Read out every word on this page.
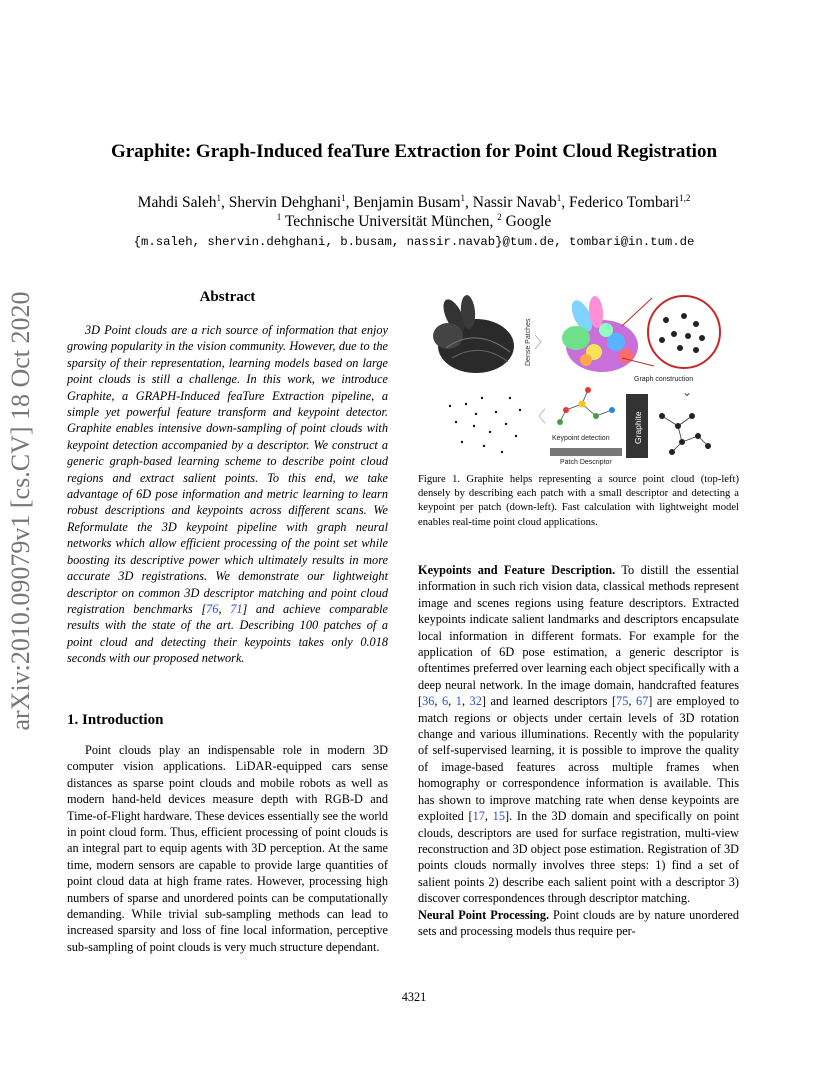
arXiv:2010.09079v1 [cs.CV] 18 Oct 2020
Graphite: Graph-Induced feaTure Extraction for Point Cloud Registration
Mahdi Saleh$^1$, Shervin Dehghani$^1$, Benjamin Busam$^1$, Nassir Navab$^1$, Federico Tombari$^{1,2}$
$^1$ Technische Universität München, $^2$ Google
{m.saleh, shervin.dehghani, b.busam, nassir.navab}@tum.de, tombari@in.tum.de
Abstract

3D Point clouds are a rich source of information that enjoy growing popularity in the vision community. However, due to the sparsity of their representation, learning models based on large point clouds is still a challenge. In this work, we introduce Graphite, a GRAPH-Induced feaTure Extraction pipeline, a simple yet powerful feature transform and keypoint detector. Graphite enables intensive down-sampling of point clouds with keypoint detection accompanied by a descriptor. We construct a generic graph-based learning scheme to describe point cloud regions and extract salient points. To this end, we take advantage of 6D pose information and metric learning to learn robust descriptions and keypoints across different scans. We Reformulate the 3D keypoint pipeline with graph neural networks which allow efficient processing of the point set while boosting its descriptive power which ultimately results in more accurate 3D registrations. We demonstrate our lightweight descriptor on common 3D descriptor matching and point cloud registration benchmarks [76, 71] and achieve comparable results with the state of the art. Describing 100 patches of a point cloud and detecting their keypoints takes only 0.018 seconds with our proposed network.

1. Introduction

Point clouds play an indispensable role in modern 3D computer vision applications. LiDAR-equipped cars sense distances as sparse point clouds and mobile robots as well as modern hand-held devices measure depth with RGB-D and Time-of-Flight hardware. These devices essentially see the world in point cloud form. Thus, efficient processing of point clouds is an integral part to equip agents with 3D perception. At the same time, modern sensors are capable to provide large quantities of point cloud data at high frame rates. However, processing high numbers of sparse and unordered points can be computationally demanding. While trivial sub-sampling methods can lead to increased sparsity and loss of fine local information, perceptive sub-sampling of point clouds is very much structure dependant.

Dense Patches 〉
Graph construction
⌄
Graphite
Keypoint detection
Patch Descriptor
〈

Figure 1. Graphite helps representing a source point cloud (top-left) densely by describing each patch with a small descriptor and detecting a keypoint per patch (down-left). Fast calculation with lightweight model enables real-time point cloud applications.

Keypoints and Feature Description. To distill the essential information in such rich vision data, classical methods represent image and scenes regions using feature descriptors. Extracted keypoints indicate salient landmarks and descriptors encapsulate local information in different formats. For example for the application of 6D pose estimation, a generic descriptor is oftentimes preferred over learning each object specifically with a deep neural network. In the image domain, handcrafted features [36, 6, 1, 32] and learned descriptors [75, 67] are employed to match regions or objects under certain levels of 3D rotation change and various illuminations. Recently with the popularity of self-supervised learning, it is possible to improve the quality of image-based features across multiple frames when homography or correspondence information is available. This has shown to improve matching rate when dense keypoints are exploited [17, 15]. In the 3D domain and specifically on point clouds, descriptors are used for surface registration, multi-view reconstruction and 3D object pose estimation. Registration of 3D points clouds normally involves three steps: 1) find a set of salient points 2) describe each salient point with a descriptor 3) discover correspondences through descriptor matching.
Neural Point Processing. Point clouds are by nature unordered sets and processing models thus require per-

4321
